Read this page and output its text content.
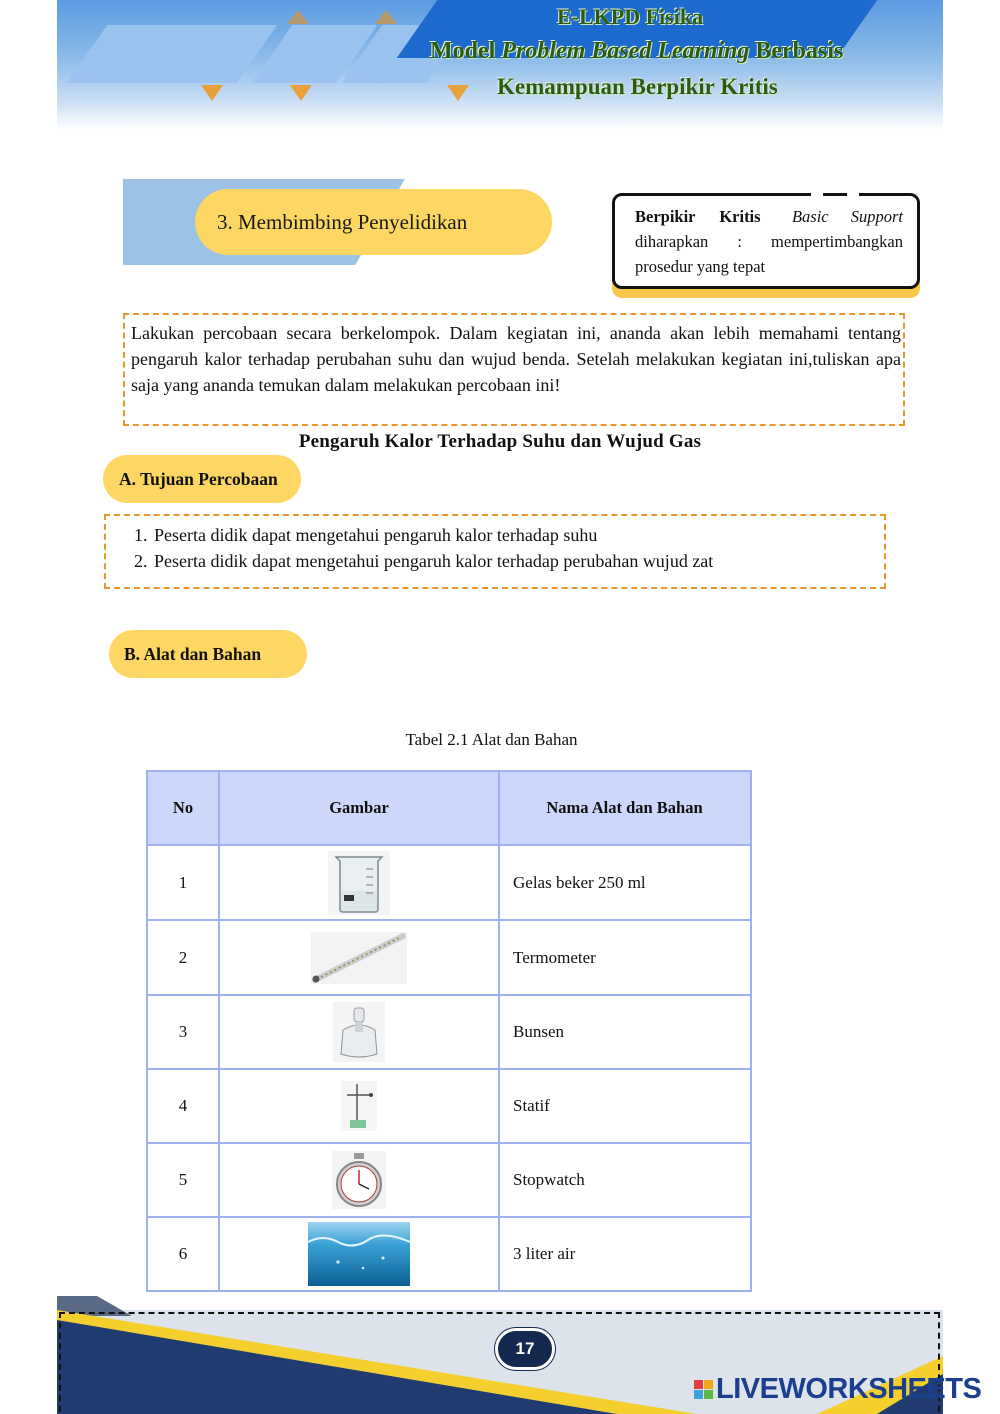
E-LKPD Fisika
Model Problem Based Learning Berbasis
Kemampuan Berpikir Kritis
3. Membimbing Penyelidikan	Berpikir Kritis Basic Support
diharapkan : mempertimbangkan prosedur yang tepat
Lakukan percobaan secara berkelompok. Dalam kegiatan ini, ananda akan lebih memahami tentang pengaruh kalor terhadap perubahan suhu dan wujud benda. Setelah melakukan kegiatan ini,tuliskan apa saja yang ananda temukan dalam melakukan percobaan ini!
Pengaruh Kalor Terhadap Suhu dan Wujud Gas
A. Tujuan Percobaan
1. Peserta didik dapat mengetahui pengaruh kalor terhadap suhu
2. Peserta didik dapat mengetahui pengaruh kalor terhadap perubahan wujud zat
B. Alat dan Bahan
Tabel 2.1 Alat dan Bahan
No	Gambar	Nama Alat dan Bahan
1		Gelas beker 250 ml
2		Termometer
3		Bunsen
4		Statif
5		Stopwatch
6		3 liter air
17
LIVEWORKSHEETS
